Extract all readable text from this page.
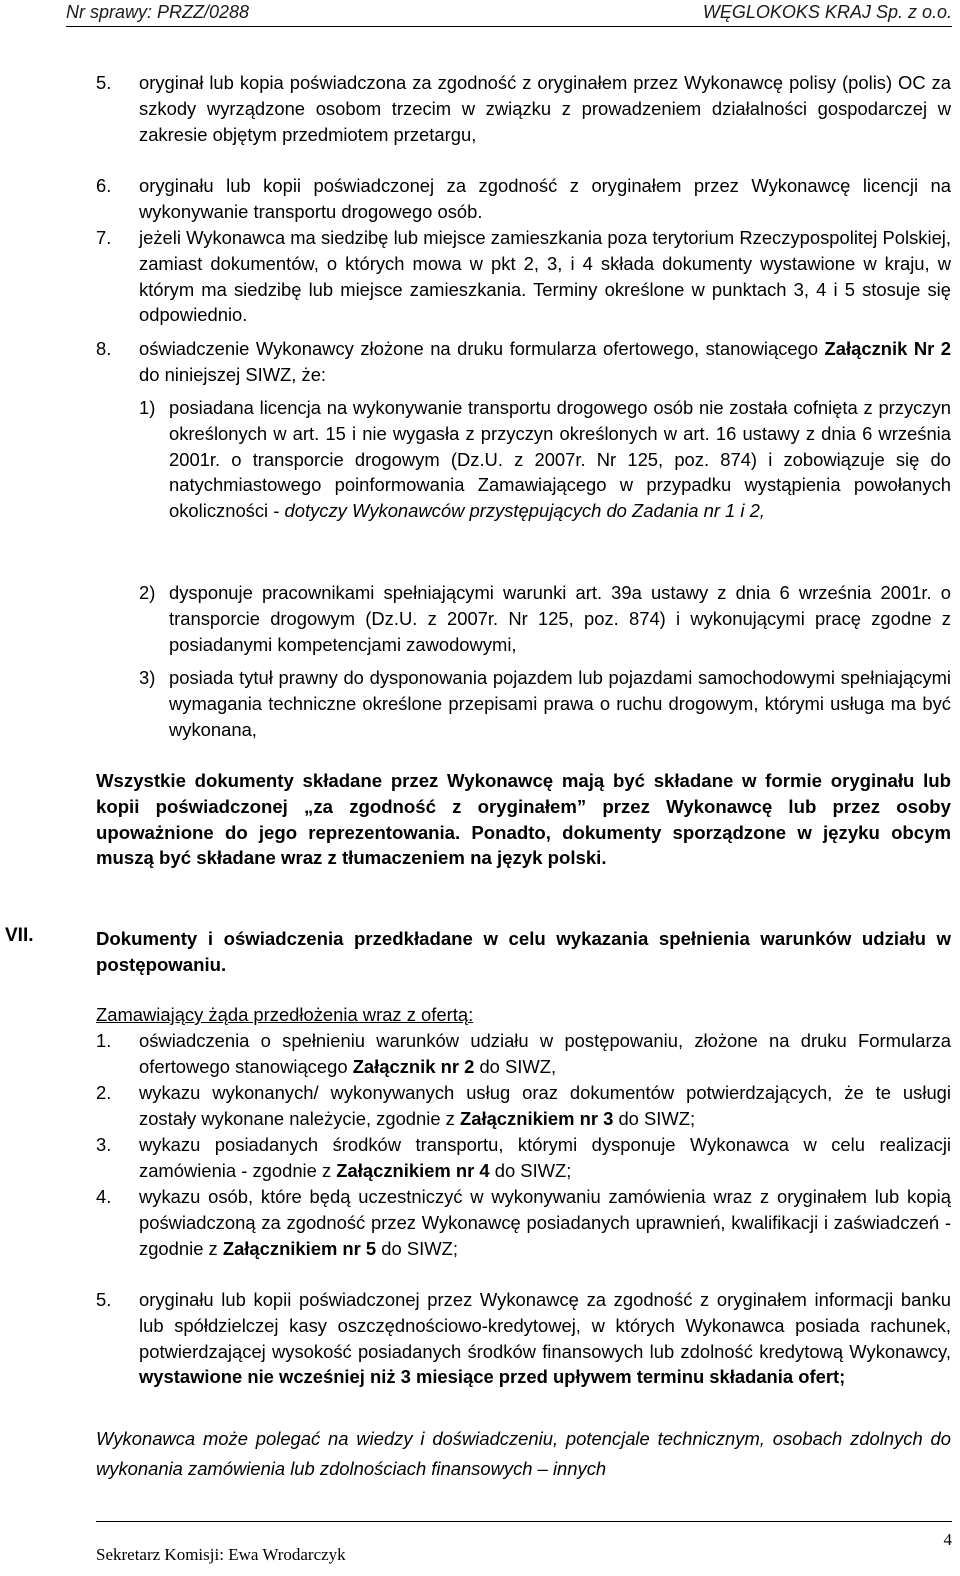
Nr sprawy: PRZZ/0288	WĘGLOKOKS KRAJ Sp. z o.o.
5. oryginał lub kopia poświadczona za zgodność z oryginałem przez Wykonawcę polisy (polis) OC za szkody wyrządzone osobom trzecim w związku z prowadzeniem działalności gospodarczej w zakresie objętym przedmiotem przetargu,

6. oryginału lub kopii poświadczonej za zgodność z oryginałem przez Wykonawcę licencji na wykonywanie transportu drogowego osób.

7. jeżeli Wykonawca ma siedzibę lub miejsce zamieszkania poza terytorium Rzeczypospolitej Polskiej, zamiast dokumentów, o których mowa w pkt 2, 3, i 4 składa dokumenty wystawione w kraju, w którym ma siedzibę lub miejsce zamieszkania. Terminy określone w punktach 3, 4 i 5 stosuje się odpowiednio.

8. oświadczenie Wykonawcy złożone na druku formularza ofertowego, stanowiącego Załącznik Nr 2 do niniejszej SIWZ, że:

1) posiadana licencja na wykonywanie transportu drogowego osób nie została cofnięta z przyczyn określonych w art. 15 i nie wygasła z przyczyn określonych w art. 16 ustawy z dnia 6 września 2001r. o transporcie drogowym (Dz.U. z 2007r. Nr 125, poz. 874) i zobowiązuje się do natychmiastowego poinformowania Zamawiającego w przypadku wystąpienia powołanych okoliczności - dotyczy Wykonawców przystępujących do Zadania nr 1 i 2,

2) dysponuje pracownikami spełniającymi warunki art. 39a ustawy z dnia 6 września 2001r. o transporcie drogowym (Dz.U. z 2007r. Nr 125, poz. 874) i wykonującymi pracę zgodne z posiadanymi kompetencjami zawodowymi,

3) posiada tytuł prawny do dysponowania pojazdem lub pojazdami samochodowymi spełniającymi wymagania techniczne określone przepisami prawa o ruchu drogowym, którymi usługa ma być wykonana,

Wszystkie dokumenty składane przez Wykonawcę mają być składane w formie oryginału lub kopii poświadczonej „za zgodność z oryginałem” przez Wykonawcę lub przez osoby upoważnione do jego reprezentowania. Ponadto, dokumenty sporządzone w języku obcym muszą być składane wraz z tłumaczeniem na język polski.

VII.	Dokumenty i oświadczenia przedkładane w celu wykazania spełnienia warunków udziału w postępowaniu.

Zamawiający żąda przedłożenia wraz z ofertą:

1. oświadczenia o spełnieniu warunków udziału w postępowaniu, złożone na druku Formularza ofertowego stanowiącego Załącznik nr 2 do SIWZ,

2. wykazu wykonanych/ wykonywanych usług oraz dokumentów potwierdzających, że te usługi zostały wykonane należycie, zgodnie z Załącznikiem nr 3 do SIWZ;

3. wykazu posiadanych środków transportu, którymi dysponuje Wykonawca w celu realizacji zamówienia - zgodnie z Załącznikiem nr 4 do SIWZ;

4. wykazu osób, które będą uczestniczyć w wykonywaniu zamówienia wraz z oryginałem lub kopią poświadczoną za zgodność przez Wykonawcę posiadanych uprawnień, kwalifikacji i zaświadczeń - zgodnie z Załącznikiem nr 5 do SIWZ;

5. oryginału lub kopii poświadczonej przez Wykonawcę za zgodność z oryginałem informacji banku lub spółdzielczej kasy oszczędnościowo-kredytowej, w których Wykonawca posiada rachunek, potwierdzającej wysokość posiadanych środków finansowych lub zdolność kredytową Wykonawcy, wystawione nie wcześniej niż 3 miesiące przed upływem terminu składania ofert;

Wykonawca może polegać na wiedzy i doświadczeniu, potencjale technicznym, osobach zdolnych do wykonania zamówienia lub zdolnościach finansowych – innych

4
Sekretarz Komisji: Ewa Wrodarczyk
